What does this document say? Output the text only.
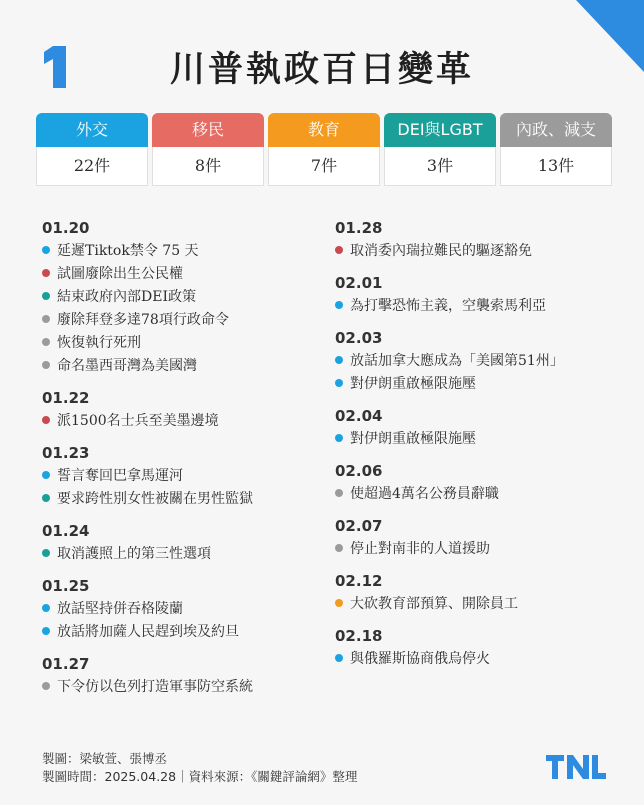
川普執政百日變革
外交
22件
移民
8件
教育
7件
DEI與LGBT
3件
內政、減支
13件
01.20
延遲Tiktok禁令 75 天
試圖廢除出生公民權
結束政府內部DEI政策
廢除拜登多達78項行政命令
恢復執行死刑
命名墨西哥灣為美國灣
01.22
派1500名士兵至美墨邊境
01.23
誓言奪回巴拿馬運河
要求跨性別女性被關在男性監獄
01.24
取消護照上的第三性選項
01.25
放話堅持併吞格陵蘭
放話將加薩人民趕到埃及約旦
01.27
下令仿以色列打造軍事防空系統
01.28
取消委內瑞拉難民的驅逐豁免
02.01
為打擊恐怖主義，空襲索馬利亞
02.03
放話加拿大應成為「美國第51州」
對伊朗重啟極限施壓
02.04
對伊朗重啟極限施壓
02.06
使超過4萬名公務員辭職
02.07
停止對南非的人道援助
02.12
大砍教育部預算、開除員工
02.18
與俄羅斯協商俄烏停火
製圖：梁敏萱、張博丞
製圖時間：2025.04.28｜資料來源：《關鍵評論網》整理
